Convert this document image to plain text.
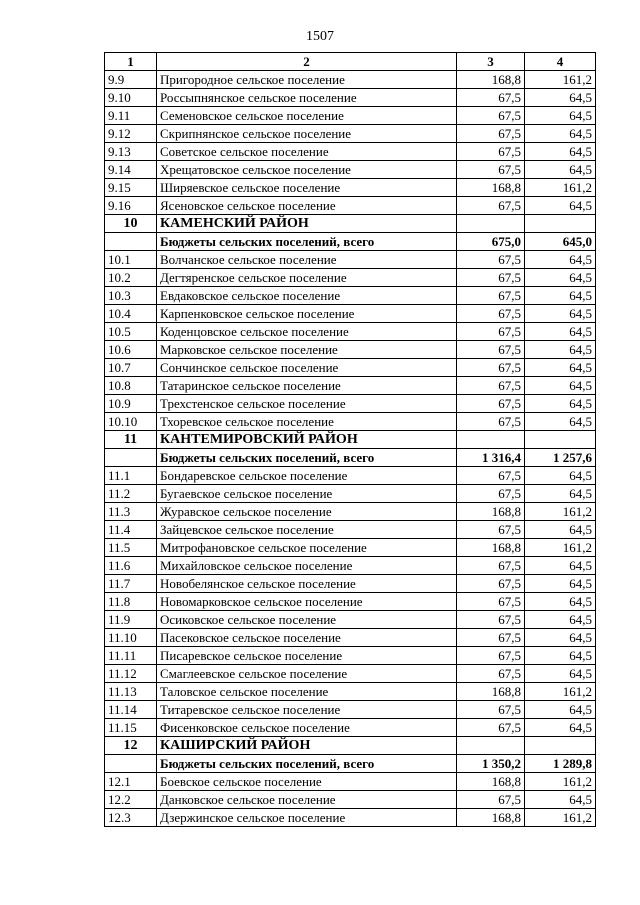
1507
1	2	3	4
9.9	Пригородное сельское поселение	168,8	161,2
9.10	Россыпнянское сельское поселение	67,5	64,5
9.11	Семеновское сельское поселение	67,5	64,5
9.12	Скрипнянское сельское поселение	67,5	64,5
9.13	Советское сельское поселение	67,5	64,5
9.14	Хрещатовское сельское поселение	67,5	64,5
9.15	Ширяевское сельское поселение	168,8	161,2
9.16	Ясеновское сельское поселение	67,5	64,5
10	КАМЕНСКИЙ РАЙОН		
	Бюджеты сельских поселений, всего	675,0	645,0
10.1	Волчанское сельское поселение	67,5	64,5
10.2	Дегтяренское сельское поселение	67,5	64,5
10.3	Евдаковское сельское поселение	67,5	64,5
10.4	Карпенковское сельское поселение	67,5	64,5
10.5	Коденцовское сельское поселение	67,5	64,5
10.6	Марковское сельское поселение	67,5	64,5
10.7	Сончинское сельское поселение	67,5	64,5
10.8	Татаринское сельское поселение	67,5	64,5
10.9	Трехстенское сельское поселение	67,5	64,5
10.10	Тхоревское сельское поселение	67,5	64,5
11	КАНТЕМИРОВСКИЙ РАЙОН		
	Бюджеты сельских поселений, всего	1 316,4	1 257,6
11.1	Бондаревское сельское поселение	67,5	64,5
11.2	Бугаевское сельское поселение	67,5	64,5
11.3	Журавское сельское поселение	168,8	161,2
11.4	Зайцевское сельское поселение	67,5	64,5
11.5	Митрофановское сельское поселение	168,8	161,2
11.6	Михайловское сельское поселение	67,5	64,5
11.7	Новобелянское сельское поселение	67,5	64,5
11.8	Новомарковское сельское поселение	67,5	64,5
11.9	Осиковское сельское поселение	67,5	64,5
11.10	Пасековское сельское поселение	67,5	64,5
11.11	Писаревское сельское поселение	67,5	64,5
11.12	Смаглеевское сельское поселение	67,5	64,5
11.13	Таловское сельское поселение	168,8	161,2
11.14	Титаревское сельское поселение	67,5	64,5
11.15	Фисенковское сельское поселение	67,5	64,5
12	КАШИРСКИЙ РАЙОН		
	Бюджеты сельских поселений, всего	1 350,2	1 289,8
12.1	Боевское сельское поселение	168,8	161,2
12.2	Данковское сельское поселение	67,5	64,5
12.3	Дзержинское сельское поселение	168,8	161,2
